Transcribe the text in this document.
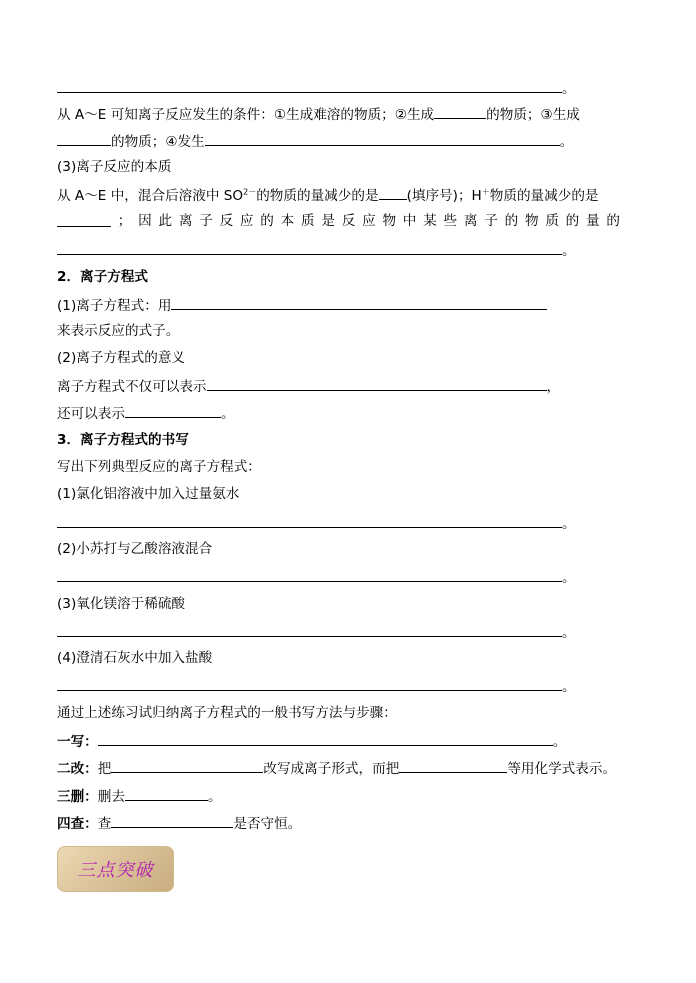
。
从 A～E 可知离子反应发生的条件：①生成难溶的物质；②生成	的物质；③生成
的物质；④发生	。
(3)离子反应的本质
从 A～E 中，混合后溶液中 $SO^{2-}$的物质的量减少的是 (填序号)；H＋物质的量减少的是
； 因 此 离 子 反 应 的 本 质 是 反 应 物 中 某 些 离 子 的 物 质 的 量 的
。
2．离子方程式
(1)离子方程式：用
来表示反应的式子。
(2)离子方程式的意义
离子方程式不仅可以表示	，
还可以表示	。
3．离子方程式的书写
写出下列典型反应的离子方程式：
(1)氯化铝溶液中加入过量氨水
。
(2)小苏打与乙酸溶液混合
。
(3)氧化镁溶于稀硫酸
。
(4)澄清石灰水中加入盐酸
。
通过上述练习试归纳离子方程式的一般书写方法与步骤：
一写：	。
二改：把	改写成离子形式，而把	等用化学式表示。
三删：删去	。
四查：查	是否守恒。
三点突破
